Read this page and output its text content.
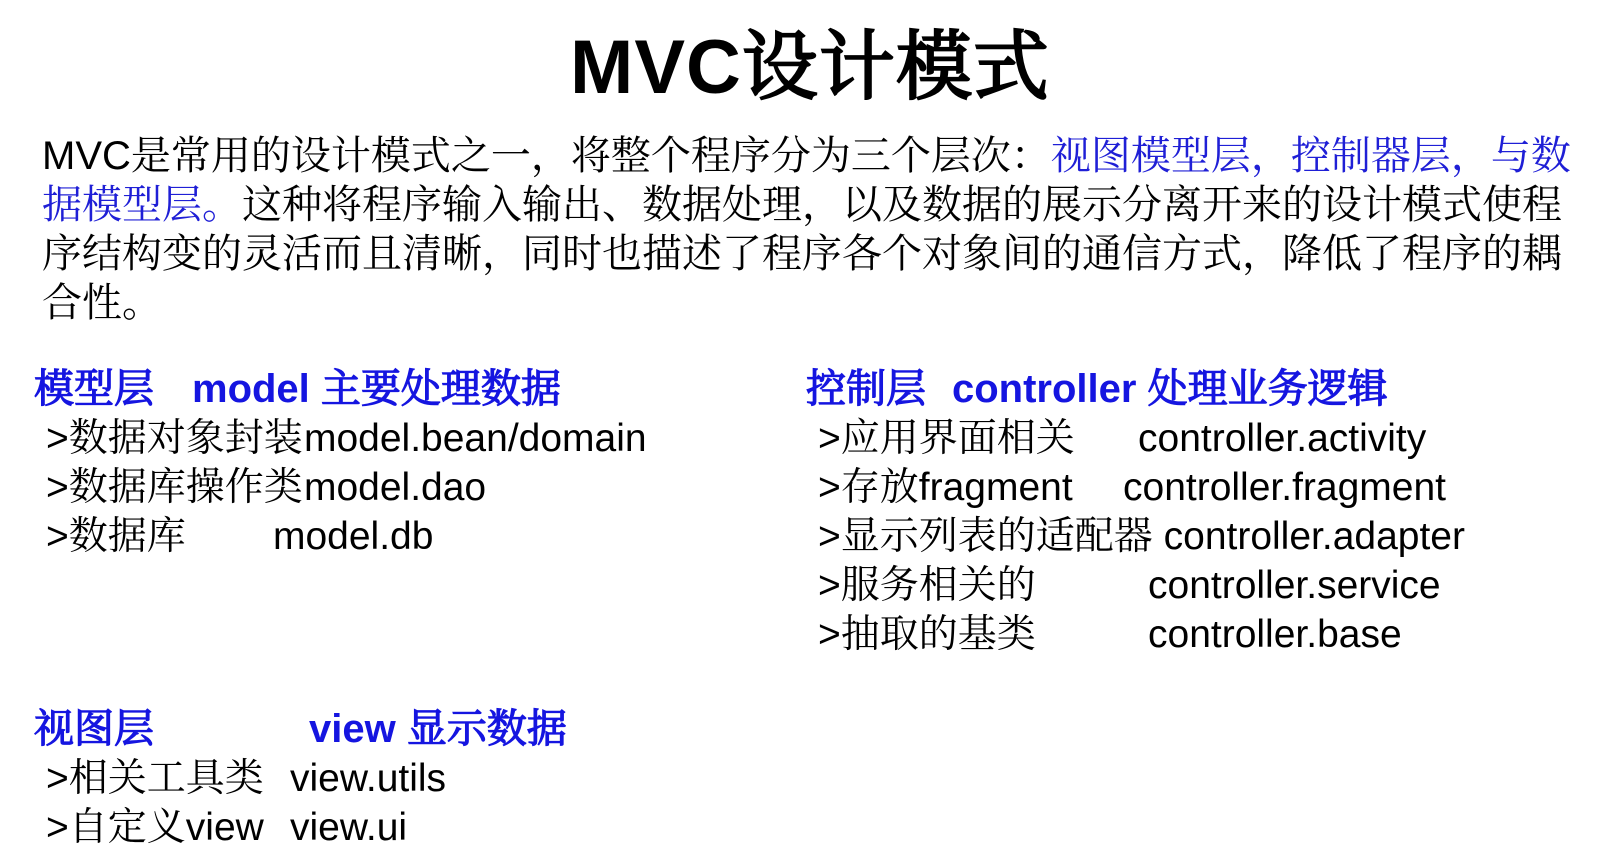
MVC设计模式
MVC是常用的设计模式之一，将整个程序分为三个层次：视图模型层，控制器层，与数据模型层。这种将程序输入输出、数据处理，以及数据的展示分离开来的设计模式使程序结构变的灵活而且清晰，同时也描述了程序各个对象间的通信方式，降低了程序的耦合性。
模型层 model 主要处理数据
>数据对象封装model.bean/domain
>数据库操作类model.dao
>数据库 model.db
控制层 controller 处理业务逻辑
>应用界面相关 controller.activity
>存放fragment controller.fragment
>显示列表的适配器 controller.adapter
>服务相关的	controller.service
>抽取的基类	controller.base
视图层	view 显示数据
>相关工具类 view.utils
>自定义view view.ui
